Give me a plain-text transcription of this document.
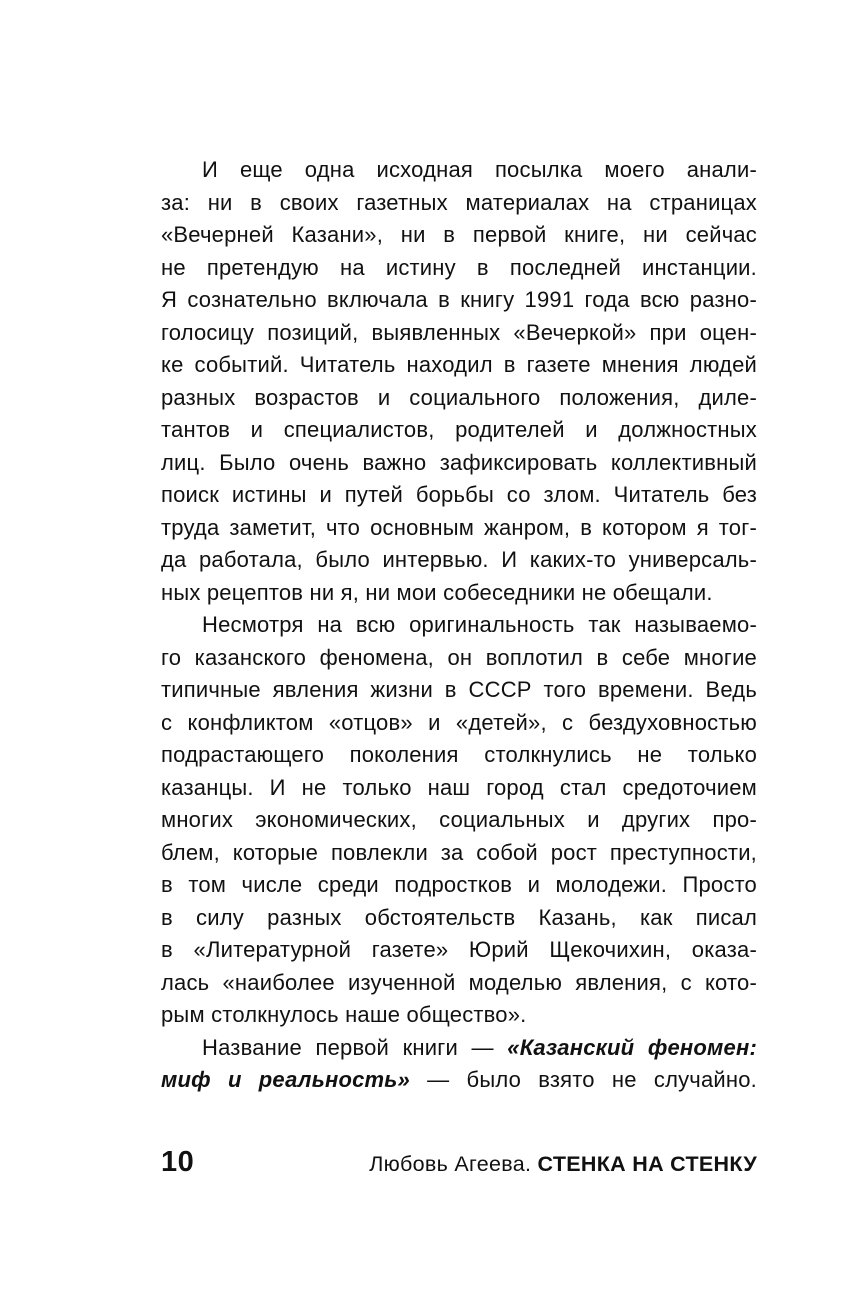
И еще одна исходная посылка моего анали-
за: ни в своих газетных материалах на страницах
«Вечерней Казани», ни в первой книге, ни сейчас
не претендую на истину в последней инстанции.
Я сознательно включала в книгу 1991 года всю разно-
голосицу позиций, выявленных «Вечеркой» при оцен-
ке событий. Читатель находил в газете мнения людей
разных возрастов и социального положения, диле-
тантов и специалистов, родителей и должностных
лиц. Было очень важно зафиксировать коллективный
поиск истины и путей борьбы со злом. Читатель без
труда заметит, что основным жанром, в котором я тог-
да работала, было интервью. И каких-то универсаль-
ных рецептов ни я, ни мои собеседники не обещали.
Несмотря на всю оригинальность так называемо-
го казанского феномена, он воплотил в себе многие
типичные явления жизни в СССР того времени. Ведь
с конфликтом «отцов» и «детей», с бездуховностью
подрастающего поколения столкнулись не только
казанцы. И не только наш город стал средоточием
многих экономических, социальных и других про-
блем, которые повлекли за собой рост преступности,
в том числе среди подростков и молодежи. Просто
в силу разных обстоятельств Казань, как писал
в «Литературной газете» Юрий Щекочихин, оказа-
лась «наиболее изученной моделью явления, с кото-
рым столкнулось наше общество».
Название первой книги — «Казанский феномен:
миф и реальность» — было взято не случайно.
10	Любовь Агеева. СТЕНКА НА СТЕНКУ
